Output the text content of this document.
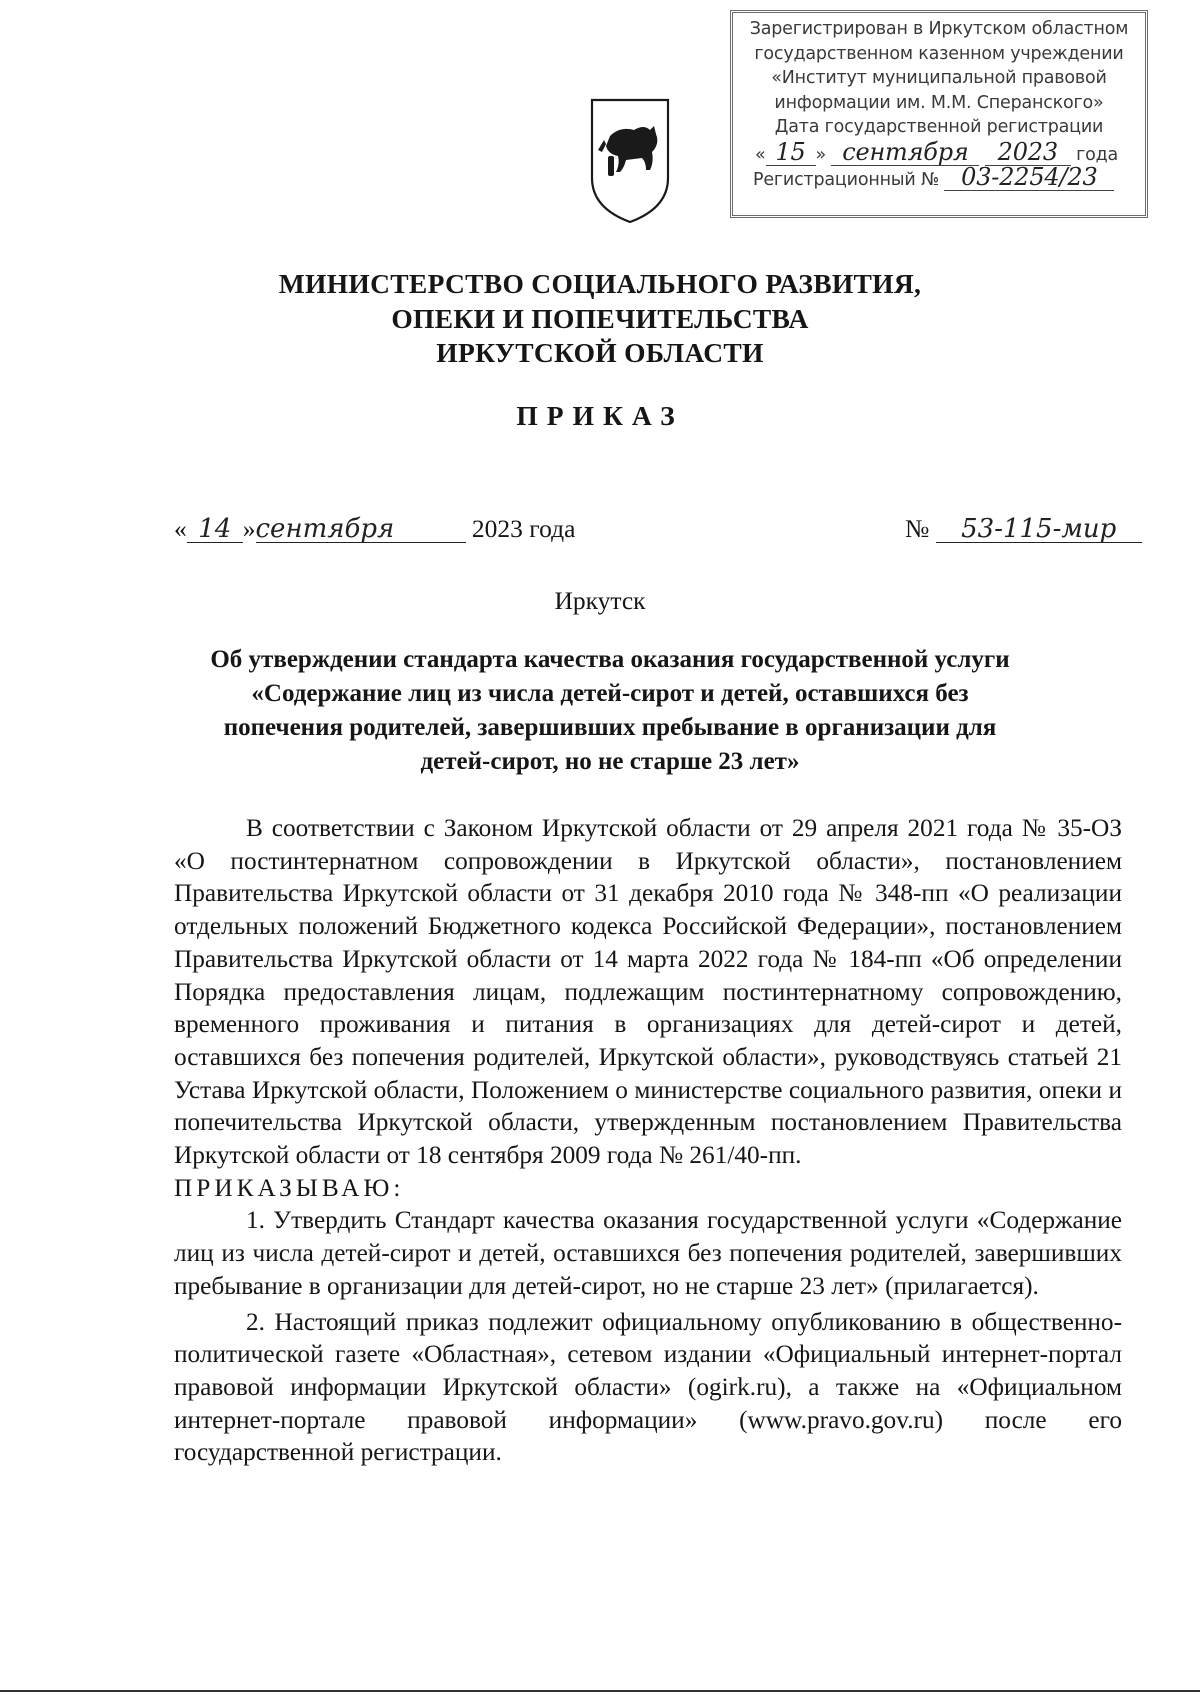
Зарегистрирован в Иркутском областном
государственном казенном учреждении
«Институт муниципальной правовой
информации им. М.М. Сперанского»
Дата государственной регистрации
« 15 » сентября 2023 года
Регистрационный № 03-2254/23
МИНИСТЕРСТВО СОЦИАЛЬНОГО РАЗВИТИЯ,
ОПЕКИ И ПОПЕЧИТЕЛЬСТВА
ИРКУТСКОЙ ОБЛАСТИ
ПРИКАЗ
« 14 »сентября	2023 года	№ 53-115-мир
Иркутск
Об утверждении стандарта качества оказания государственной услуги
«Содержание лиц из числа детей-сирот и детей, оставшихся без
попечения родителей, завершивших пребывание в организации для
детей-сирот, но не старше 23 лет»

В соответствии с Законом Иркутской области от 29 апреля 2021 года № 35-ОЗ «О постинтернатном сопровождении в Иркутской области», постановлением Правительства Иркутской области от 31 декабря 2010 года № 348-пп «О реализации отдельных положений Бюджетного кодекса Российской Федерации», постановлением Правительства Иркутской области от 14 марта 2022 года № 184-пп «Об определении Порядка предоставления лицам, подлежащим постинтернатному сопровождению, временного проживания и питания в организациях для детей-сирот и детей, оставшихся без попечения родителей, Иркутской области», руководствуясь статьей 21 Устава Иркутской области, Положением о министерстве социального развития, опеки и попечительства Иркутской области, утвержденным постановлением Правительства Иркутской области от 18 сентября 2009 года № 261/40-пп.

ПРИКАЗЫВАЮ:

1. Утвердить Стандарт качества оказания государственной услуги «Содержание лиц из числа детей-сирот и детей, оставшихся без попечения родителей, завершивших пребывание в организации для детей-сирот, но не старше 23 лет» (прилагается).

2. Настоящий приказ подлежит официальному опубликованию в общественно-политической газете «Областная», сетевом издании «Официальный интернет-портал правовой информации Иркутской области» (ogirk.ru), а также на «Официальном интернет-портале правовой информации» (www.pravo.gov.ru) после его государственной регистрации.
